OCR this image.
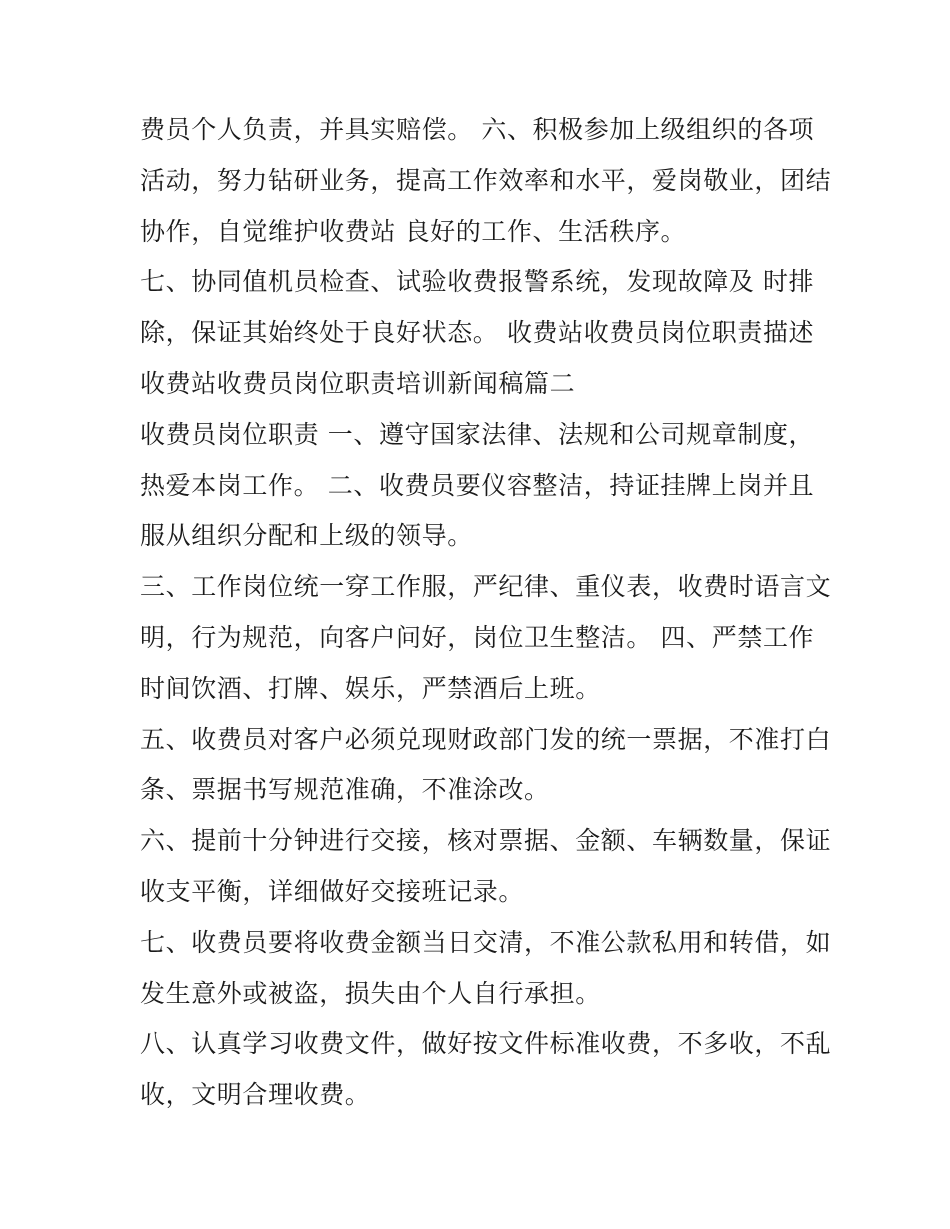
费员个人负责，并具实赔偿。 六、积极参加上级组织的各项

活动，努力钻研业务，提高工作效率和水平，爱岗敬业，团结

协作，自觉维护收费站 良好的工作、生活秩序。

七、协同值机员检查、试验收费报警系统，发现故障及 时排

除，保证其始终处于良好状态。 收费站收费员岗位职责描述

收费站收费员岗位职责培训新闻稿篇二

收费员岗位职责 一、遵守国家法律、法规和公司规章制度，

热爱本岗工作。 二、收费员要仪容整洁，持证挂牌上岗并且

服从组织分配和上级的领导。

三、工作岗位统一穿工作服，严纪律、重仪表，收费时语言文

明，行为规范，向客户问好，岗位卫生整洁。 四、严禁工作

时间饮酒、打牌、娱乐，严禁酒后上班。

五、收费员对客户必须兑现财政部门发的统一票据，不准打白

条、票据书写规范准确，不准涂改。

六、提前十分钟进行交接，核对票据、金额、车辆数量，保证

收支平衡，详细做好交接班记录。

七、收费员要将收费金额当日交清，不准公款私用和转借，如

发生意外或被盗，损失由个人自行承担。

八、认真学习收费文件，做好按文件标准收费，不多收，不乱

收，文明合理收费。
